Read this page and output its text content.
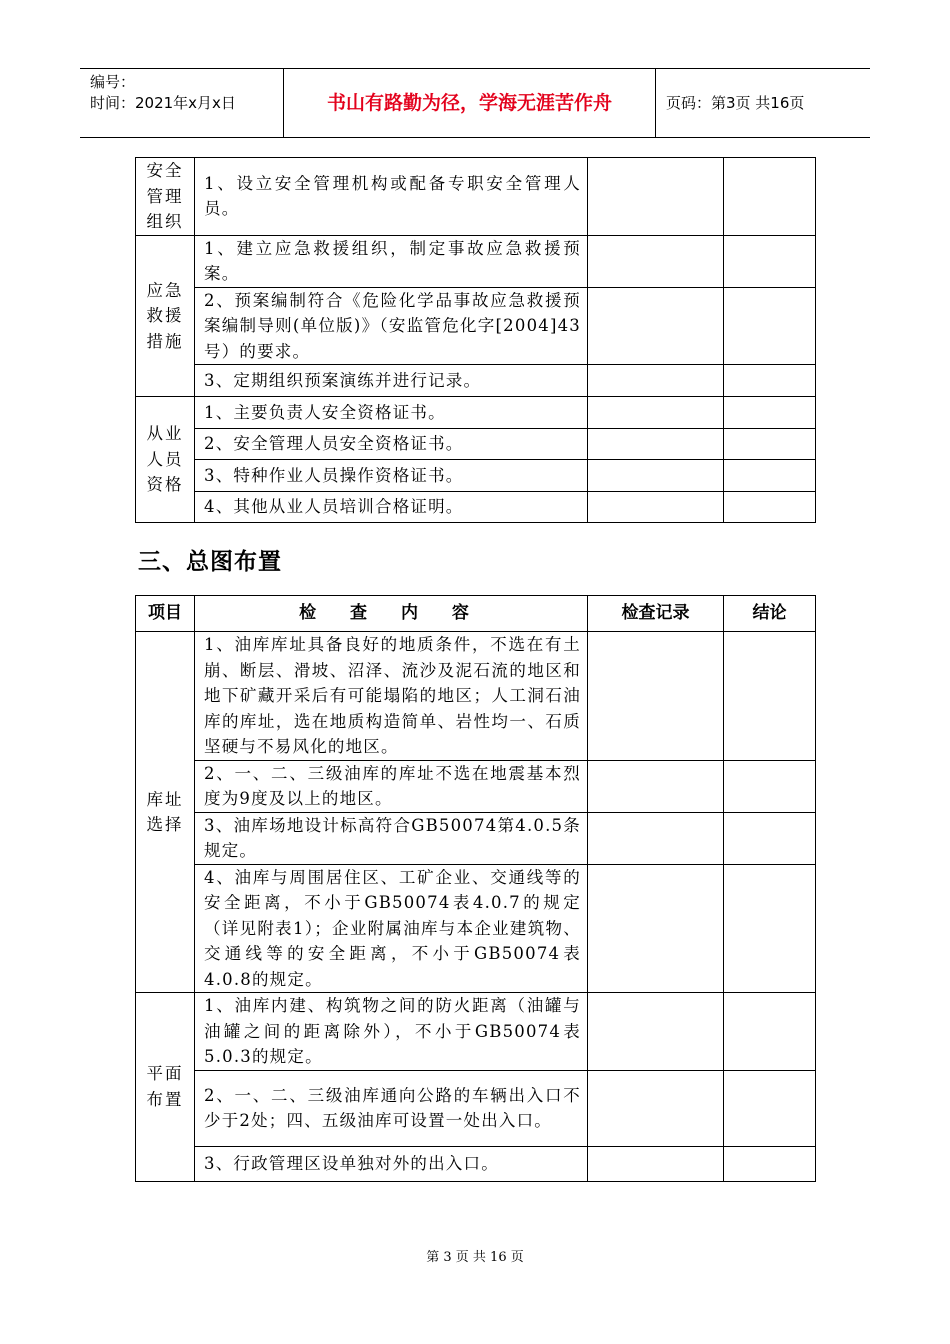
编号：
时间：2021年x月x日	书山有路勤为径，学海无涯苦作舟	页码：第3页 共16页
安全管理组织	1、设立安全管理机构或配备专职安全管理人员。		
应急救援措施	1、建立应急救援组织，制定事故应急救援预案。		
	2、预案编制符合《危险化学品事故应急救援预案编制导则(单位版)》（安监管危化字[2004]43号）的要求。		
	3、定期组织预案演练并进行记录。		
从业人员资格	1、主要负责人安全资格证书。		
	2、安全管理人员安全资格证书。		
	3、特种作业人员操作资格证书。		
	4、其他从业人员培训合格证明。		
三、总图布置
项目	检 查 内 容	检查记录	结论
库址选择	1、油库库址具备良好的地质条件，不选在有土崩、断层、滑坡、沼泽、流沙及泥石流的地区和地下矿藏开采后有可能塌陷的地区；人工洞石油库的库址，选在地质构造简单、岩性均一、石质坚硬与不易风化的地区。		
	2、一、二、三级油库的库址不选在地震基本烈度为9度及以上的地区。		
	3、油库场地设计标高符合GB50074第4.0.5条规定。		
	4、油库与周围居住区、工矿企业、交通线等的安全距离，不小于GB50074表4.0.7的规定（详见附表1）；企业附属油库与本企业建筑物、交通线等的安全距离，不小于GB50074表4.0.8的规定。		
平面布置	1、油库内建、构筑物之间的防火距离（油罐与油罐之间的距离除外），不小于GB50074表5.0.3的规定。		
	2、一、二、三级油库通向公路的车辆出入口不少于2处；四、五级油库可设置一处出入口。		
	3、行政管理区设单独对外的出入口。		
第 3 页 共 16 页
